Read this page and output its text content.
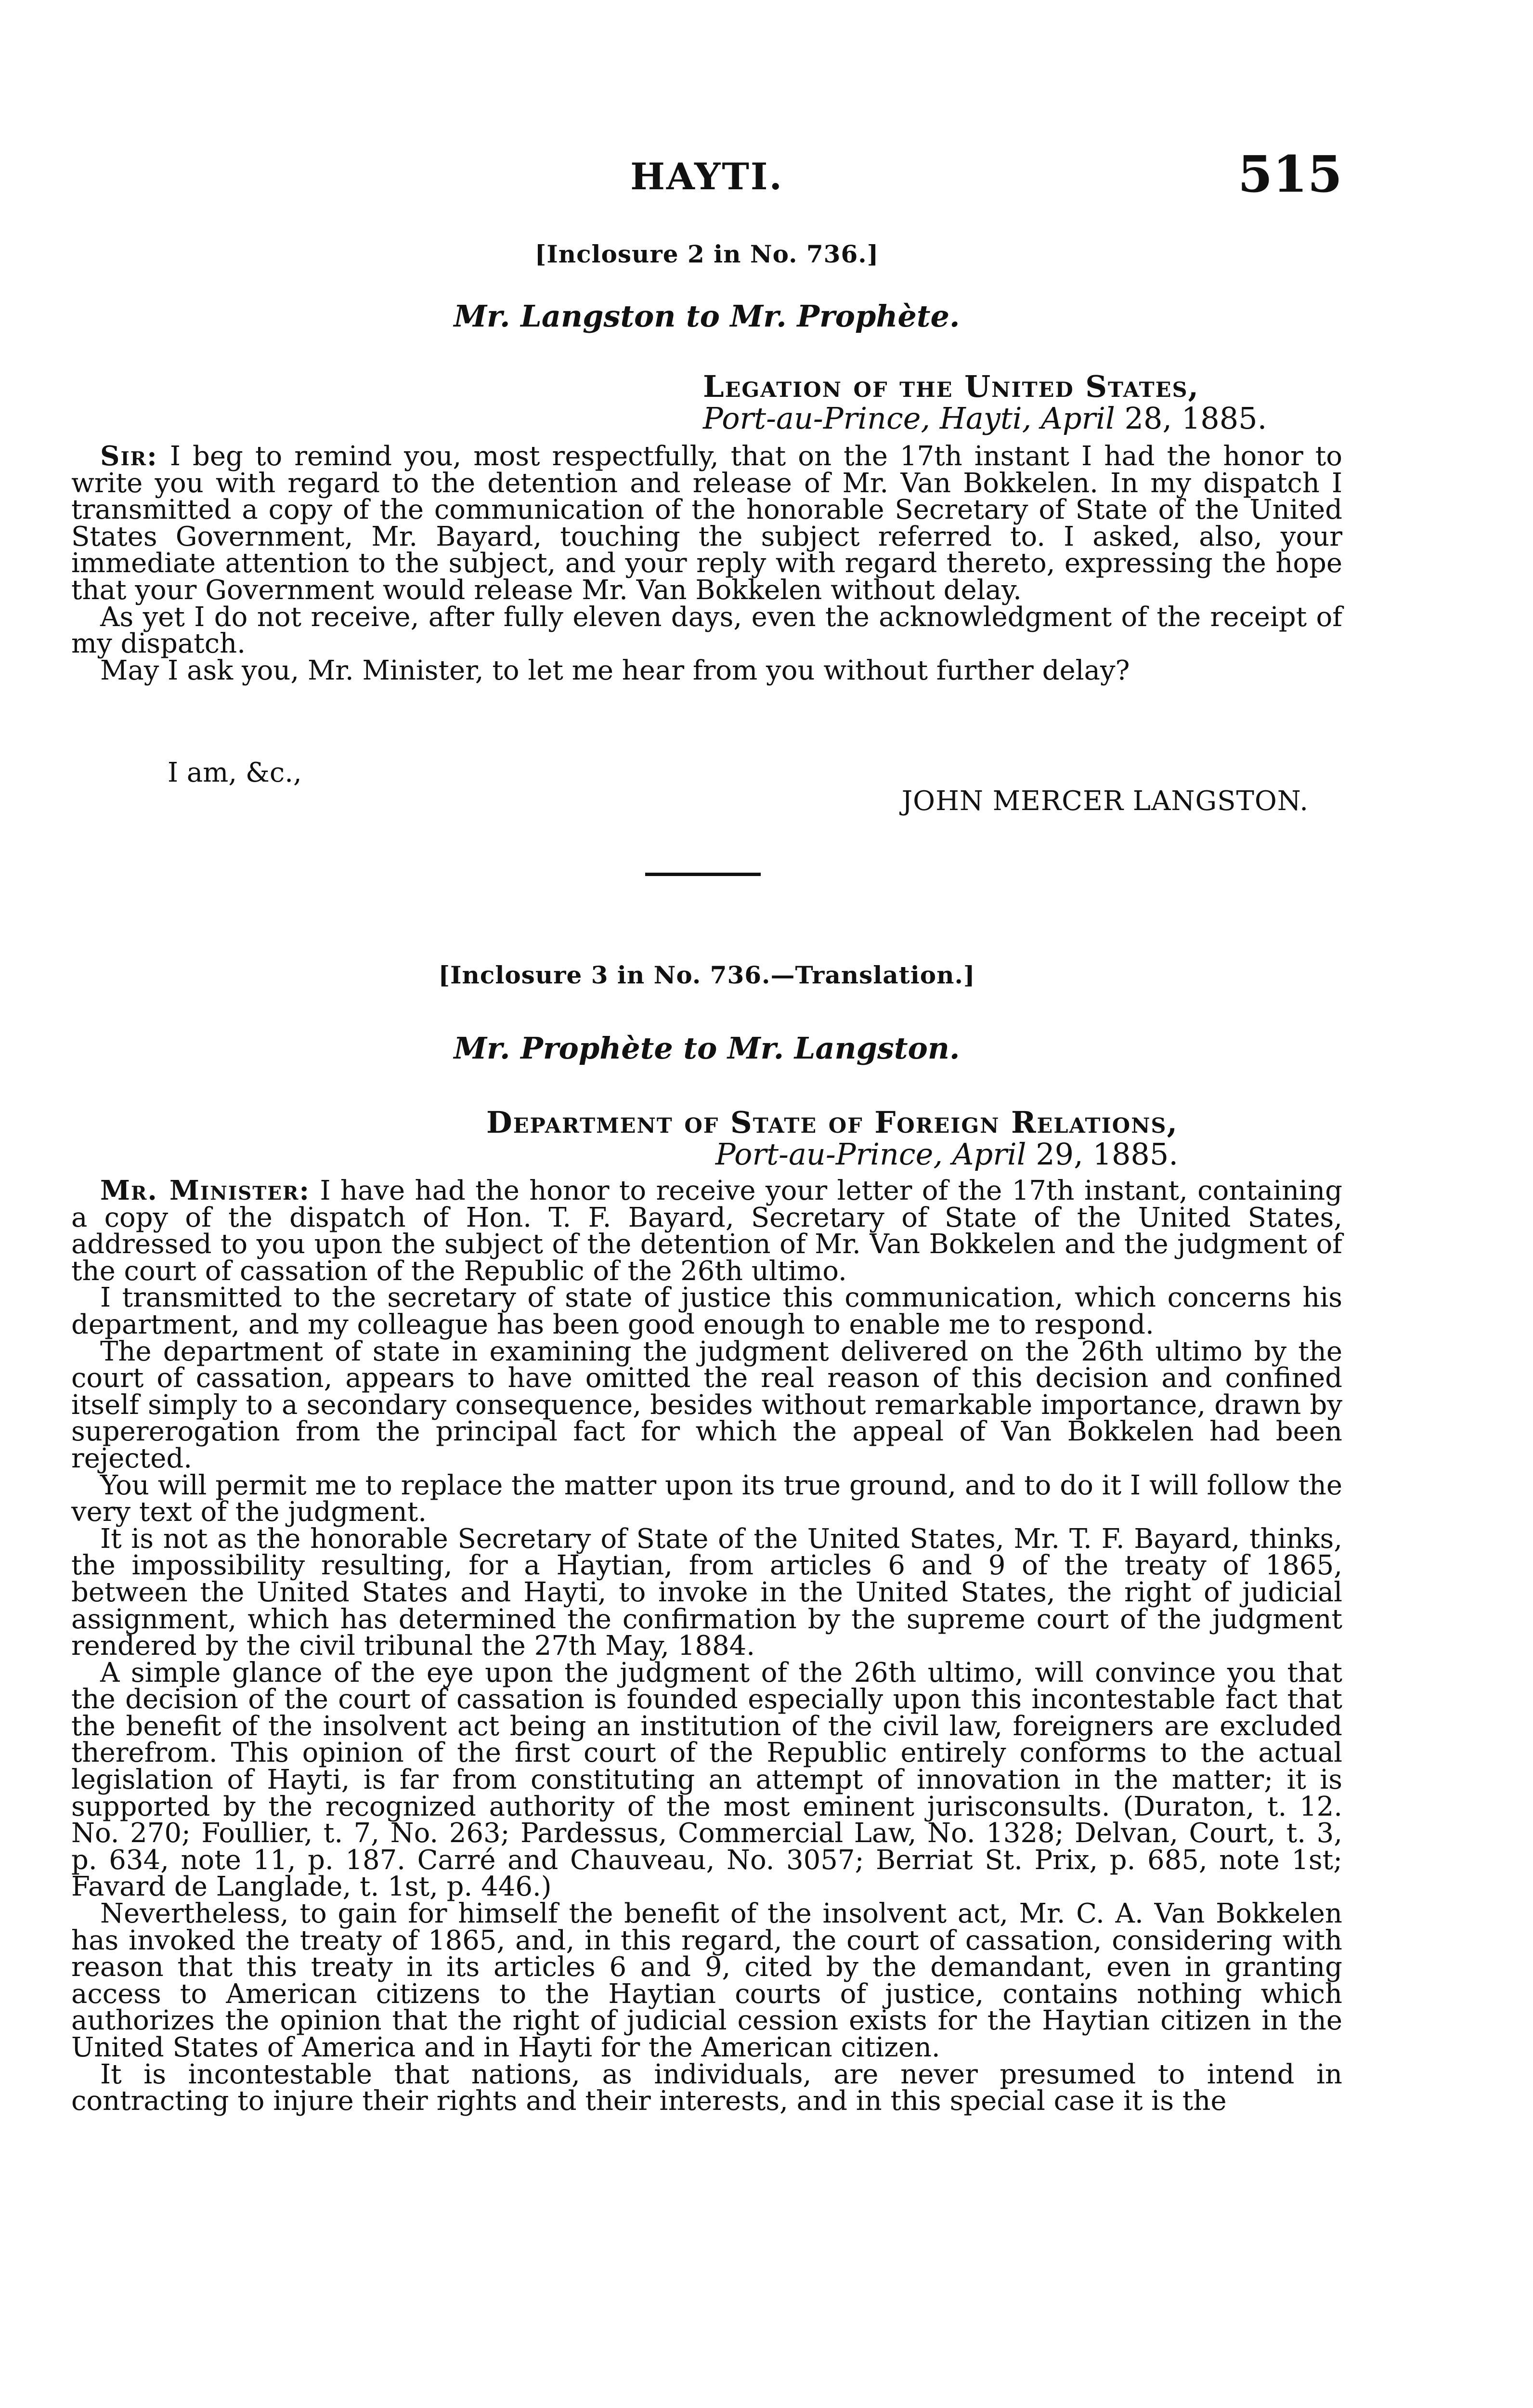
HAYTI.	515
[Inclosure 2 in No. 736.]
Mr. Langston to Mr. Prophète.
Legation of the United States,
Port-au-Prince, Hayti, April 28, 1885.

Sir: I beg to remind you, most respectfully, that on the 17th instant I had the honor to write you with regard to the detention and release of Mr. Van Bokkelen. In my dispatch I transmitted a copy of the communication of the honorable Secretary of State of the United States Government, Mr. Bayard, touching the subject referred to. I asked, also, your immediate attention to the subject, and your reply with regard thereto, expressing the hope that your Government would release Mr. Van Bokkelen without delay.

As yet I do not receive, after fully eleven days, even the acknowledgment of the receipt of my dispatch.

May I ask you, Mr. Minister, to let me hear from you without further delay?

I am, &c.,
JOHN MERCER LANGSTON.
[Inclosure 3 in No. 736.—Translation.]
Mr. Prophète to Mr. Langston.
Department of State of Foreign Relations,
Port-au-Prince, April 29, 1885.

Mr. Minister: I have had the honor to receive your letter of the 17th instant, containing a copy of the dispatch of Hon. T. F. Bayard, Secretary of State of the United States, addressed to you upon the subject of the detention of Mr. Van Bokkelen and the judgment of the court of cassation of the Republic of the 26th ultimo.

I transmitted to the secretary of state of justice this communication, which concerns his department, and my colleague has been good enough to enable me to respond.

The department of state in examining the judgment delivered on the 26th ultimo by the court of cassation, appears to have omitted the real reason of this decision and confined itself simply to a secondary consequence, besides without remarkable importance, drawn by supererogation from the principal fact for which the appeal of Van Bokkelen had been rejected.

You will permit me to replace the matter upon its true ground, and to do it I will follow the very text of the judgment.

It is not as the honorable Secretary of State of the United States, Mr. T. F. Bayard, thinks, the impossibility resulting, for a Haytian, from articles 6 and 9 of the treaty of 1865, between the United States and Hayti, to invoke in the United States, the right of judicial assignment, which has determined the confirmation by the supreme court of the judgment rendered by the civil tribunal the 27th May, 1884.

A simple glance of the eye upon the judgment of the 26th ultimo, will convince you that the decision of the court of cassation is founded especially upon this incontestable fact that the benefit of the insolvent act being an institution of the civil law, foreigners are excluded therefrom. This opinion of the first court of the Republic entirely conforms to the actual legislation of Hayti, is far from constituting an attempt of innovation in the matter; it is supported by the recognized authority of the most eminent jurisconsults. (Duraton, t. 12. No. 270; Foullier, t. 7, No. 263; Pardessus, Commercial Law, No. 1328; Delvan, Court, t. 3, p. 634, note 11, p. 187. Carré and Chauveau, No. 3057; Berriat St. Prix, p. 685, note 1st; Favard de Langlade, t. 1st, p. 446.)

Nevertheless, to gain for himself the benefit of the insolvent act, Mr. C. A. Van Bokkelen has invoked the treaty of 1865, and, in this regard, the court of cassation, considering with reason that this treaty in its articles 6 and 9, cited by the demandant, even in granting access to American citizens to the Haytian courts of justice, contains nothing which authorizes the opinion that the right of judicial cession exists for the Haytian citizen in the United States of America and in Hayti for the American citizen.

It is incontestable that nations, as individuals, are never presumed to intend in contracting to injure their rights and their interests, and in this special case it is the
